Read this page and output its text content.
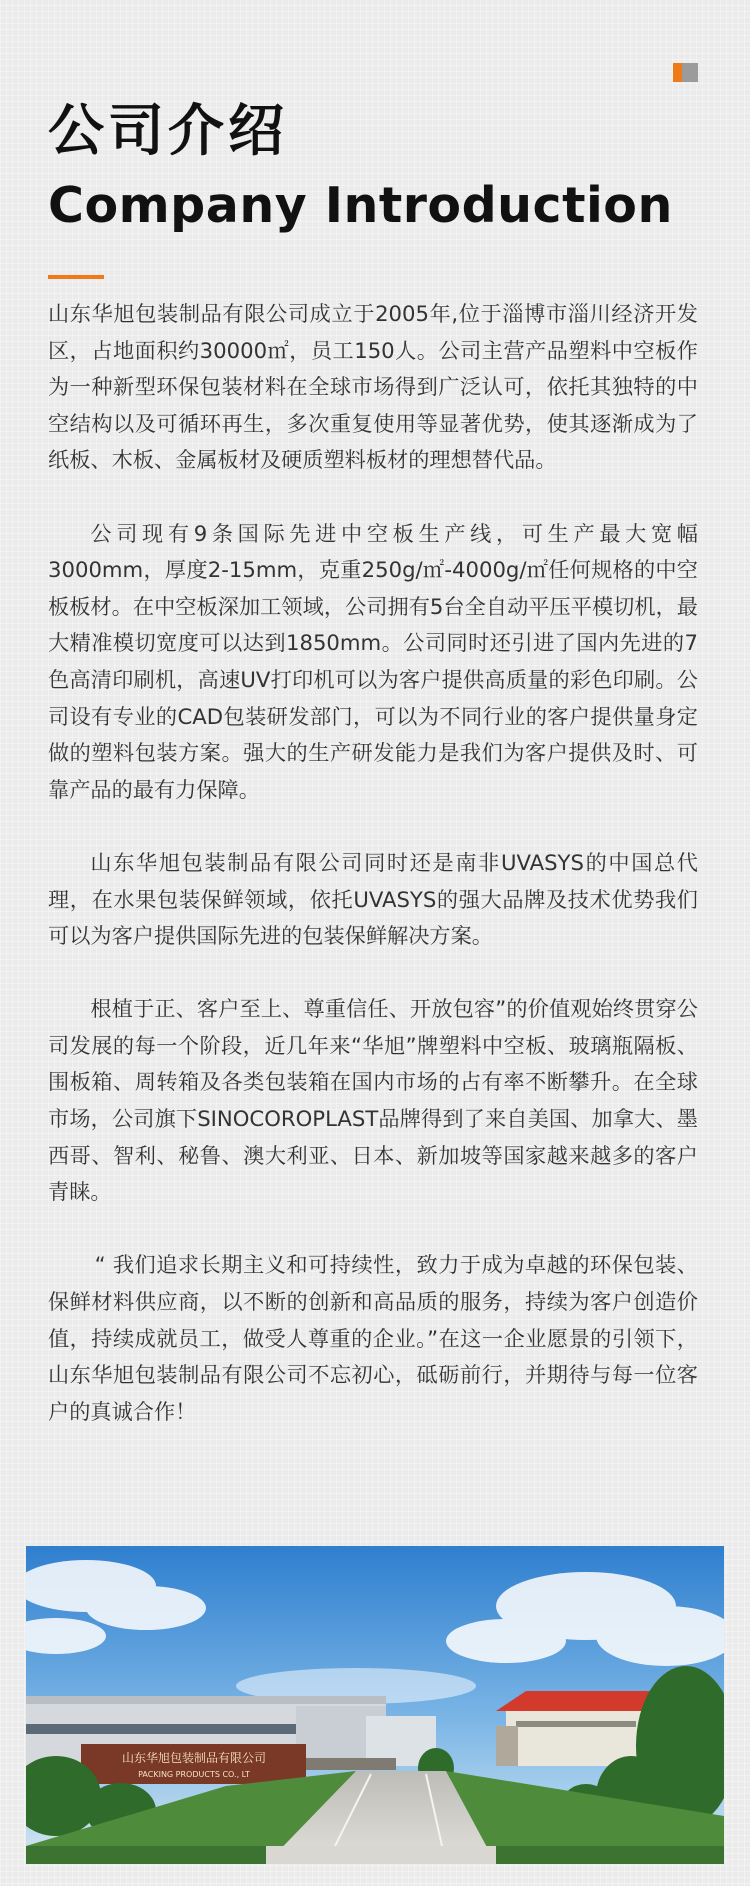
公司介绍
Company Introduction

山东华旭包装制品有限公司成立于2005年,位于淄博市淄川经济开发区，占地面积约30000㎡，员工150人。公司主营产品塑料中空板作为一种新型环保包装材料在全球市场得到广泛认可，依托其独特的中空结构以及可循环再生，多次重复使用等显著优势，使其逐渐成为了纸板、木板、金属板材及硬质塑料板材的理想替代品。

公司现有9条国际先进中空板生产线，可生产最大宽幅3000mm，厚度2-15mm，克重250g/㎡-4000g/㎡任何规格的中空板板材。在中空板深加工领域，公司拥有5台全自动平压平模切机，最大精准模切宽度可以达到1850mm。公司同时还引进了国内先进的7色高清印刷机，高速UV打印机可以为客户提供高质量的彩色印刷。公司设有专业的CAD包装研发部门，可以为不同行业的客户提供量身定做的塑料包装方案。强大的生产研发能力是我们为客户提供及时、可靠产品的最有力保障。

山东华旭包装制品有限公司同时还是南非UVASYS的中国总代理，在水果包装保鲜领域，依托UVASYS的强大品牌及技术优势我们可以为客户提供国际先进的包装保鲜解决方案。

根植于正、客户至上、尊重信任、开放包容”的价值观始终贯穿公司发展的每一个阶段，近几年来“华旭”牌塑料中空板、玻璃瓶隔板、围板箱、周转箱及各类包装箱在国内市场的占有率不断攀升。在全球市场，公司旗下SINOCOROPLAST品牌得到了来自美国、加拿大、墨西哥、智利、秘鲁、澳大利亚、日本、新加坡等国家越来越多的客户青睐。

“ 我们追求长期主义和可持续性，致力于成为卓越的环保包装、保鲜材料供应商，以不断的创新和高品质的服务，持续为客户创造价值，持续成就员工，做受人尊重的企业。”在这一企业愿景的引领下，山东华旭包装制品有限公司不忘初心，砥砺前行，并期待与每一位客户的真诚合作！

山东华旭包装制品有限公司
PACKING PRODUCTS CO., LT
